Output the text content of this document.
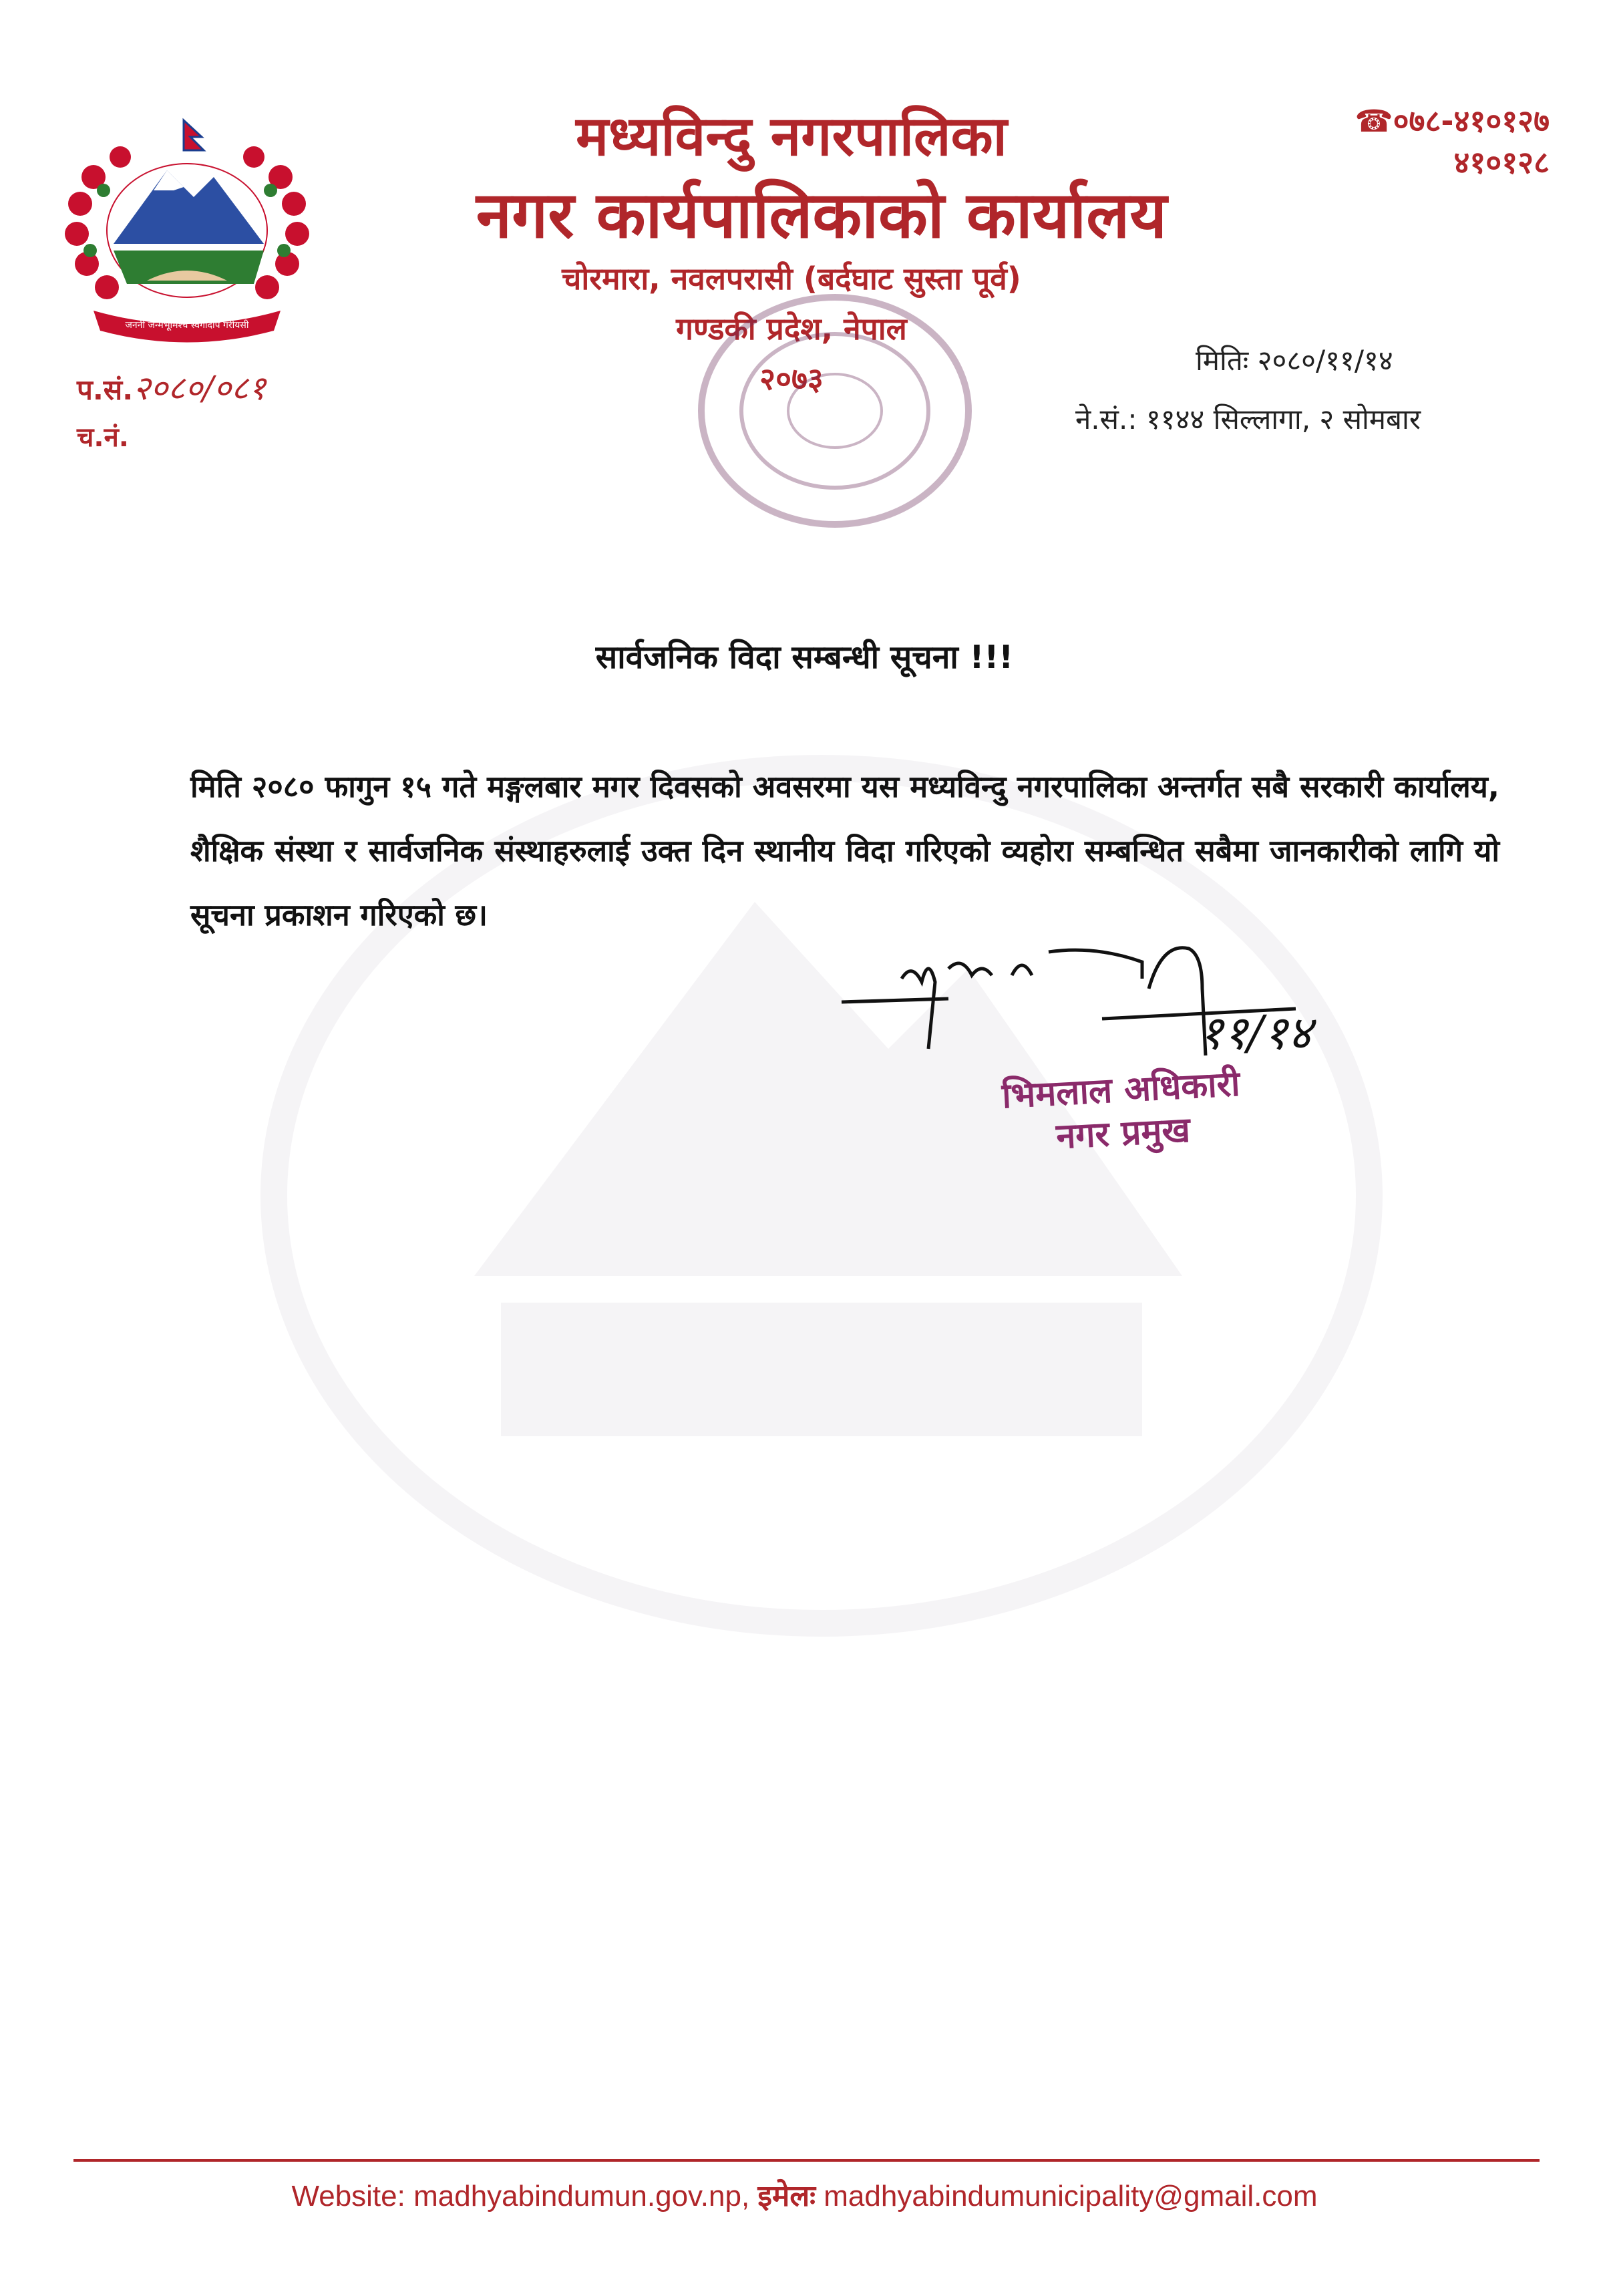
जननी जन्मभूमिश्च स्वर्गादपि गरीयसी
मध्यविन्दु नगरपालिका
नगर कार्यपालिकाको कार्यालय
चोरमारा, नवलपरासी (बर्दघाट सुस्ता पूर्व)
गण्डकी प्रदेश, नेपाल
२०७३
☎०७८-४१०१२७
४१०१२८
प.सं.२०८०/०८१
च.नं.
मितिः २०८०/११/१४
ने.सं.: ११४४ सिल्लागा, २ सोमबार
सार्वजनिक विदा सम्बन्धी सूचना !!!
मिति २०८० फागुन १५ गते मङ्गलबार मगर दिवसको अवसरमा यस मध्यविन्दु नगरपालिका अन्तर्गत सबै सरकारी कार्यालय, शैक्षिक संस्था र सार्वजनिक संस्थाहरुलाई उक्त दिन स्थानीय विदा गरिएको व्यहोरा सम्बन्धित सबैमा जानकारीको लागि यो सूचना प्रकाशन गरिएको छ।
११/१४
भिमलाल अधिकारी
नगर प्रमुख
Website: madhyabindumun.gov.np, इमेलः madhyabindumunicipality@gmail.com
